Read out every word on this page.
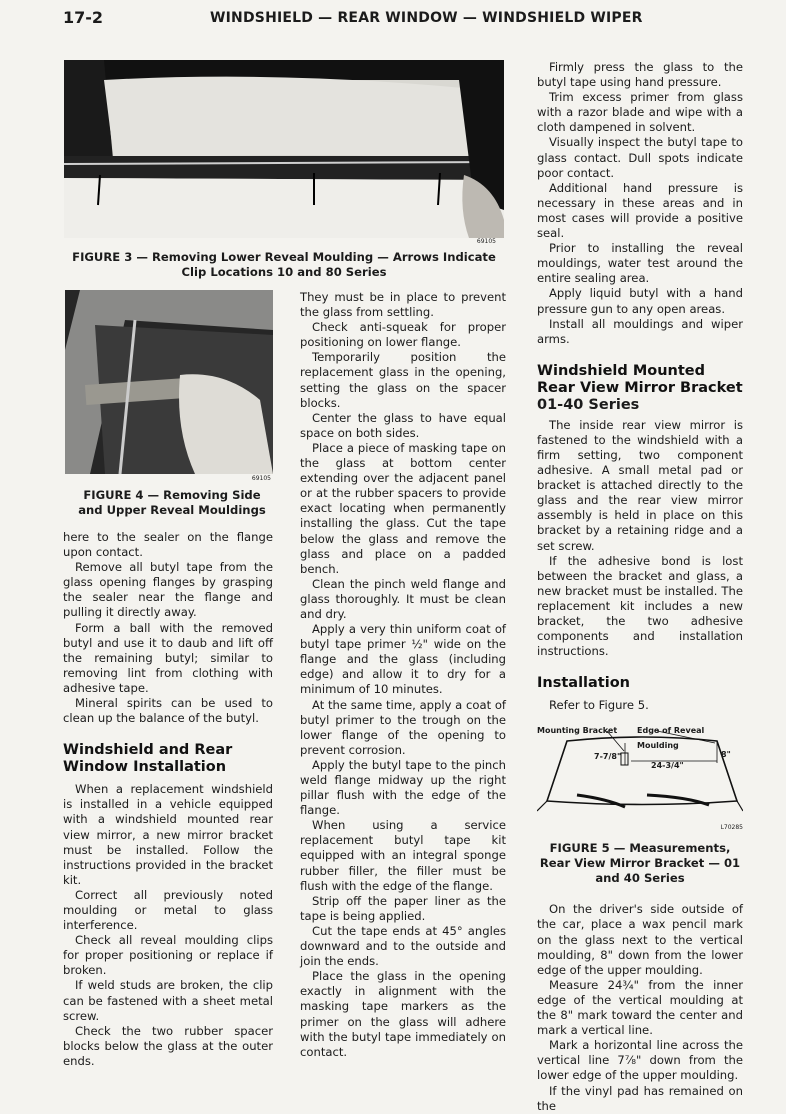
17-2	WINDSHIELD — REAR WINDOW — WINDSHIELD WIPER

69105

FIGURE 3 — Removing Lower Reveal Moulding — Arrows Indicate Clip Locations 10 and 80 Series

69105

FIGURE 4 — Removing Side and Upper Reveal Mouldings

here to the sealer on the flange upon contact.

Remove all butyl tape from the glass opening flanges by grasping the sealer near the flange and pulling it directly away.

Form a ball with the removed butyl and use it to daub and lift off the remaining butyl; similar to removing lint from clothing with adhesive tape.

Mineral spirits can be used to clean up the balance of the butyl.

Windshield and Rear Window Installation

When a replacement windshield is installed in a vehicle equipped with a windshield mounted rear view mirror, a new mirror bracket must be installed. Follow the instructions provided in the bracket kit.

Correct all previously noted moulding or metal to glass interference.

Check all reveal moulding clips for proper positioning or replace if broken.

If weld studs are broken, the clip can be fastened with a sheet metal screw.

Check the two rubber spacer blocks below the glass at the outer ends.

They must be in place to prevent the glass from settling.

Check anti-squeak for proper positioning on lower flange.

Temporarily position the replacement glass in the opening, setting the glass on the spacer blocks.

Center the glass to have equal space on both sides.

Place a piece of masking tape on the glass at bottom center extending over the adjacent panel or at the rubber spacers to provide exact locating when permanently installing the glass. Cut the tape below the glass and remove the glass and place on a padded bench.

Clean the pinch weld flange and glass thoroughly. It must be clean and dry.

Apply a very thin uniform coat of butyl tape primer ½" wide on the flange and the glass (including edge) and allow it to dry for a minimum of 10 minutes.

At the same time, apply a coat of butyl primer to the trough on the lower flange of the opening to prevent corrosion.

Apply the butyl tape to the pinch weld flange midway up the right pillar flush with the edge of the flange.

When using a service replacement butyl tape kit equipped with an integral sponge rubber filler, the filler must be flush with the edge of the flange.

Strip off the paper liner as the tape is being applied.

Cut the tape ends at 45° angles downward and to the outside and join the ends.

Place the glass in the opening exactly in alignment with the masking tape markers as the primer on the glass will adhere with the butyl tape immediately on contact.

Firmly press the glass to the butyl tape using hand pressure.

Trim excess primer from glass with a razor blade and wipe with a cloth dampened in solvent.

Visually inspect the butyl tape to glass contact. Dull spots indicate poor contact.

Additional hand pressure is necessary in these areas and in most cases will provide a positive seal.

Prior to installing the reveal mouldings, water test around the entire sealing area.

Apply liquid butyl with a hand pressure gun to any open areas.

Install all mouldings and wiper arms.

Windshield Mounted Rear View Mirror Bracket
01-40 Series

The inside rear view mirror is fastened to the windshield with a firm setting, two component adhesive. A small metal pad or bracket is attached directly to the glass and the rear view mirror assembly is held in place on this bracket by a retaining ridge and a set screw.

If the adhesive bond is lost between the bracket and glass, a new bracket must be installed. The replacement kit includes a new bracket, the two adhesive components and installation instructions.

Installation

Refer to Figure 5.

Mounting Bracket Edge of Reveal Moulding
7-7/8"
24-3/4"
8"
L70285
FIGURE 5 — Measurements, Rear View Mirror Bracket — 01 and 40 Series

On the driver's side outside of the car, place a wax pencil mark on the glass next to the vertical moulding, 8" down from the lower edge of the upper moulding.

Measure 24¾" from the inner edge of the vertical moulding at the 8" mark toward the center and mark a vertical line.

Mark a horizontal line across the vertical line 7⅞" down from the lower edge of the upper moulding.

If the vinyl pad has remained on the
